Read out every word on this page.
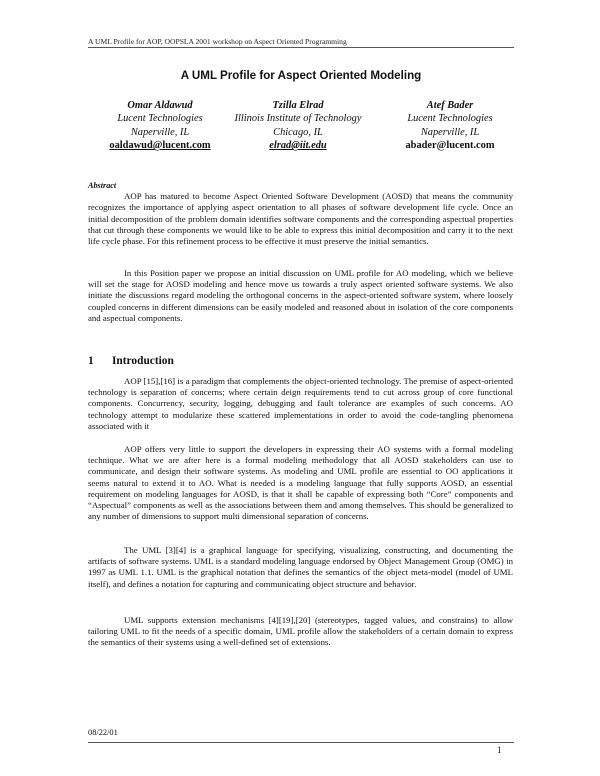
A UML Profile for AOP, OOPSLA 2001 workshop on Aspect Oriented Programming
A UML Profile for Aspect Oriented Modeling
Omar Aldawud
Lucent Technologies
Naperville, IL
oaldawud@lucent.com
Tzilla Elrad
Illinois Institute of Technology
Chicago, IL
elrad@iit.edu
Atef Bader
Lucent Technologies
Naperville, IL
abader@lucent.com
Abstract
AOP has matured to become Aspect Oriented Software Development (AOSD) that means the community recognizes the importance of applying aspect orientation to all phases of software development life cycle. Once an initial decomposition of the problem domain identifies software components and the corresponding aspectual properties that cut through these components we would like to be able to express this initial decomposition and carry it to the next life cycle phase. For this refinement process to be effective it must preserve the initial semantics.
In this Position paper we propose an initial discussion on UML profile for AO modeling, which we believe will set the stage for AOSD modeling and hence move us towards a truly aspect oriented software systems. We also initiate the discussions regard modeling the orthogonal concerns in the aspect-oriented software system, where loosely coupled concerns in different dimensions can be easily modeled and reasoned about in isolation of the core components and aspectual components.
1 Introduction
AOP [15],[16] is a paradigm that complements the object-oriented technology. The premise of aspect-oriented technology is separation of concerns; where certain deign requirements tend to cut across group of core functional components. Concurrency, security, logging, debugging and fault tolerance are examples of such concerns. AO technology attempt to modularize these scattered implementations in order to avoid the code-tangling phenomena associated with it
AOP offers very little to support the developers in expressing their AO systems with a formal modeling technique. What we are after here is a formal modeling methodology that all AOSD stakeholders can use to communicate, and design their software systems. As modeling and UML profile are essential to OO applications it seems natural to extend it to AO. What is needed is a modeling language that fully supports AOSD, an essential requirement on modeling languages for AOSD, is that it shall be capable of expressing both “Core” components and “Aspectual” components as well as the associations between them and among themselves. This should be generalized to any number of dimensions to support multi dimensional separation of concerns.
The UML [3][4] is a graphical language for specifying, visualizing, constructing, and documenting the artifacts of software systems. UML is a standard modeling language endorsed by Object Management Group (OMG) in 1997 as UML 1.1. UML is the graphical notation that defines the semantics of the object meta-model (model of UML itself), and defines a notation for capturing and communicating object structure and behavior.
UML supports extension mechanisms [4][19],[20] (stereotypes, tagged values, and constrains) to allow tailoring UML to fit the needs of a specific domain, UML profile allow the stakeholders of a certain domain to express the semantics of their systems using a well-defined set of extensions.
08/22/01
1
